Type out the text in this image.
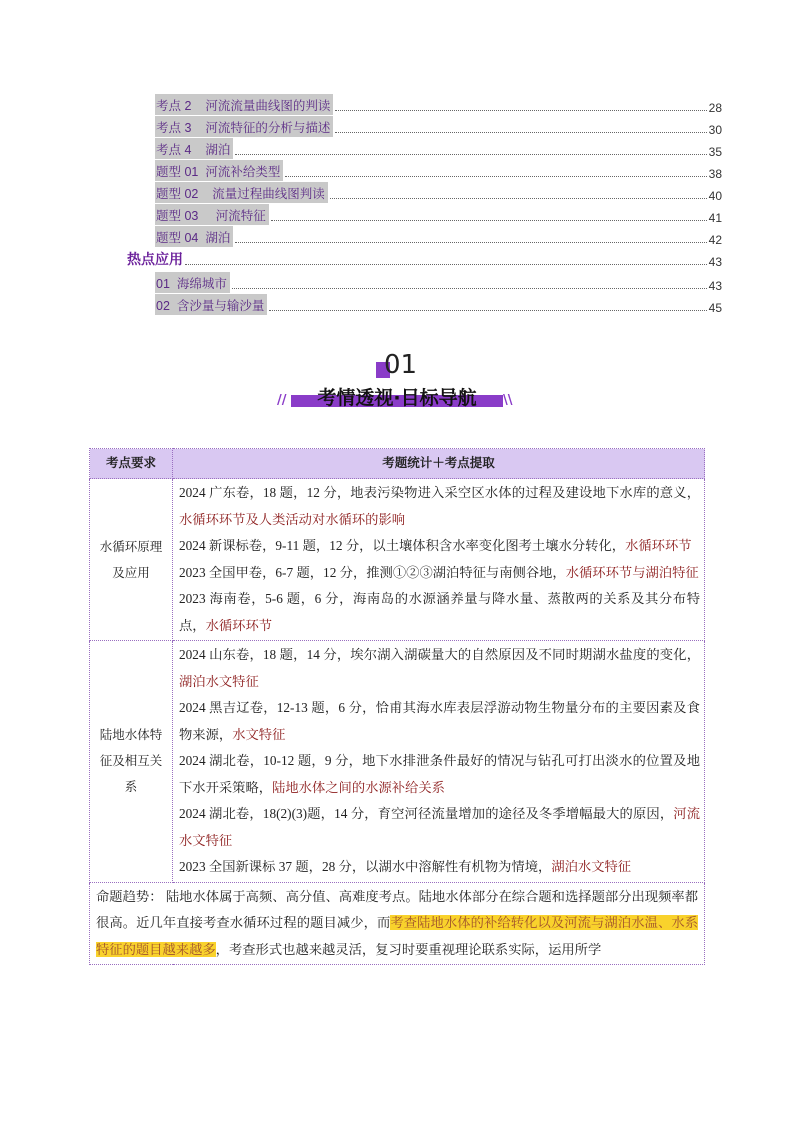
考点 2    河流流量曲线图的判读	28
考点 3    河流特征的分析与描述	30
考点 4    湖泊	35
题型 01  河流补给类型	38
题型 02    流量过程曲线图判读	40
题型 03     河流特征	41
题型 04  湖泊	42
热点应用	43
01  海绵城市	43
02  含沙量与输沙量	45
01
//	考情透视·目标导航	\\
考点要求	考题统计＋考点提取
水循环原理及应用	2024 广东卷，18 题，12 分，地表污染物进入采空区水体的过程及建设地下水库的意义，水循环环节及人类活动对水循环的影响
2024 新课标卷，9-11 题，12 分，以土壤体积含水率变化图考土壤水分转化，水循环环节
2023 全国甲卷，6-7 题，12 分，推测①②③湖泊特征与南侧谷地，水循环环节与湖泊特征
2023 海南卷，5-6 题，6 分，海南岛的水源涵养量与降水量、蒸散两的关系及其分布特点，水循环环节

陆地水体特征及相互关系	2024 山东卷，18 题，14 分，埃尔湖入湖碳量大的自然原因及不同时期湖水盐度的变化，湖泊水文特征
2024 黑吉辽卷，12-13 题，6 分，恰甫其海水库表层浮游动物生物量分布的主要因素及食物来源，水文特征
2024 湖北卷，10-12 题，9 分，地下水排泄条件最好的情况与钻孔可打出淡水的位置及地下水开采策略，陆地水体之间的水源补给关系
2024 湖北卷，18(2)(3)题，14 分，育空河径流量增加的途径及冬季增幅最大的原因，河流水文特征
2023 全国新课标 37 题，28 分，以湖水中溶解性有机物为情境，湖泊水文特征

命题趋势： 陆地水体属于高频、高分值、高难度考点。陆地水体部分在综合题和选择题部分出现频率都很高。近几年直接考查水循环过程的题目减少，而考查陆地水体的补给转化以及河流与湖泊水温、水系特征的题目越来越多，考查形式也越来越灵活，复习时要重视理论联系实际，运用所学	
